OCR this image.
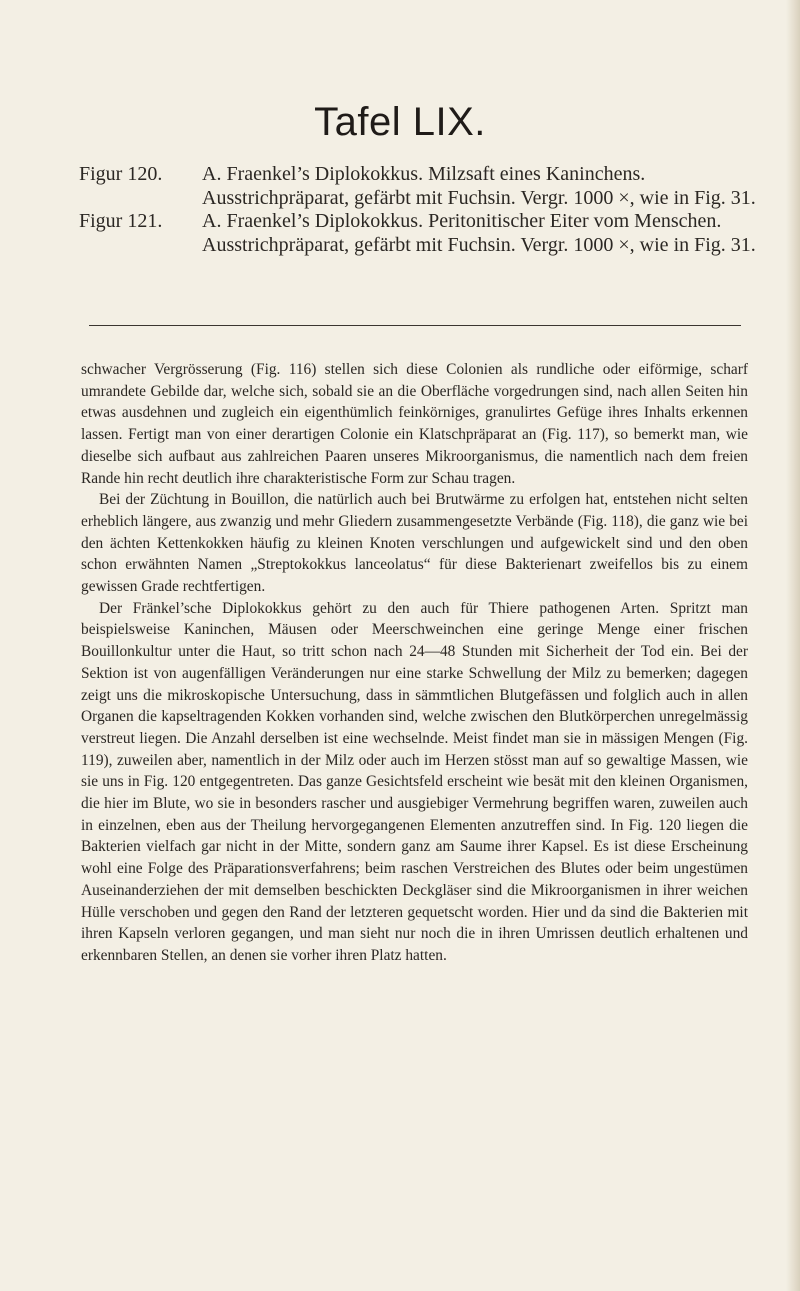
Tafel LIX.
Figur 120.	A. Fraenkel’s Diplokokkus. Milzsaft eines Kaninchens. Ausstrichpräparat, gefärbt mit Fuchsin. Vergr. 1000 ×, wie in Fig. 31.
Figur 121.	A. Fraenkel’s Diplokokkus. Peritonitischer Eiter vom Menschen. Ausstrichpräparat, gefärbt mit Fuchsin. Vergr. 1000 ×, wie in Fig. 31.

schwacher Vergrösserung (Fig. 116) stellen sich diese Colonien als rundliche oder eiförmige, scharf umrandete Gebilde dar, welche sich, sobald sie an die Oberfläche vorgedrungen sind, nach allen Seiten hin etwas ausdehnen und zugleich ein eigenthümlich feinkörniges, granulirtes Gefüge ihres Inhalts erkennen lassen. Fertigt man von einer derartigen Colonie ein Klatschpräparat an (Fig. 117), so bemerkt man, wie dieselbe sich aufbaut aus zahlreichen Paaren unseres Mikroorganismus, die namentlich nach dem freien Rande hin recht deutlich ihre charakteristische Form zur Schau tragen.

Bei der Züchtung in Bouillon, die natürlich auch bei Brutwärme zu erfolgen hat, entstehen nicht selten erheblich längere, aus zwanzig und mehr Gliedern zusammengesetzte Verbände (Fig. 118), die ganz wie bei den ächten Kettenkokken häufig zu kleinen Knoten verschlungen und aufgewickelt sind und den oben schon erwähnten Namen „Streptokokkus lanceolatus“ für diese Bakterienart zweifellos bis zu einem gewissen Grade rechtfertigen.

Der Fränkel’sche Diplokokkus gehört zu den auch für Thiere pathogenen Arten. Spritzt man beispielsweise Kaninchen, Mäusen oder Meerschweinchen eine geringe Menge einer frischen Bouillonkultur unter die Haut, so tritt schon nach 24—48 Stunden mit Sicherheit der Tod ein. Bei der Sektion ist von augenfälligen Veränderungen nur eine starke Schwellung der Milz zu bemerken; dagegen zeigt uns die mikroskopische Untersuchung, dass in sämmtlichen Blutgefässen und folglich auch in allen Organen die kapseltragenden Kokken vorhanden sind, welche zwischen den Blutkörperchen unregelmässig verstreut liegen. Die Anzahl derselben ist eine wechselnde. Meist findet man sie in mässigen Mengen (Fig. 119), zuweilen aber, namentlich in der Milz oder auch im Herzen stösst man auf so gewaltige Massen, wie sie uns in Fig. 120 entgegentreten. Das ganze Gesichtsfeld erscheint wie besät mit den kleinen Organismen, die hier im Blute, wo sie in besonders rascher und ausgiebiger Vermehrung begriffen waren, zuweilen auch in einzelnen, eben aus der Theilung hervorgegangenen Elementen anzutreffen sind. In Fig. 120 liegen die Bakterien vielfach gar nicht in der Mitte, sondern ganz am Saume ihrer Kapsel. Es ist diese Erscheinung wohl eine Folge des Präparationsverfahrens; beim raschen Verstreichen des Blutes oder beim ungestümen Auseinanderziehen der mit demselben beschickten Deckgläser sind die Mikroorganismen in ihrer weichen Hülle verschoben und gegen den Rand der letzteren gequetscht worden. Hier und da sind die Bakterien mit ihren Kapseln verloren gegangen, und man sieht nur noch die in ihren Umrissen deutlich erhaltenen und erkennbaren Stellen, an denen sie vorher ihren Platz hatten.
